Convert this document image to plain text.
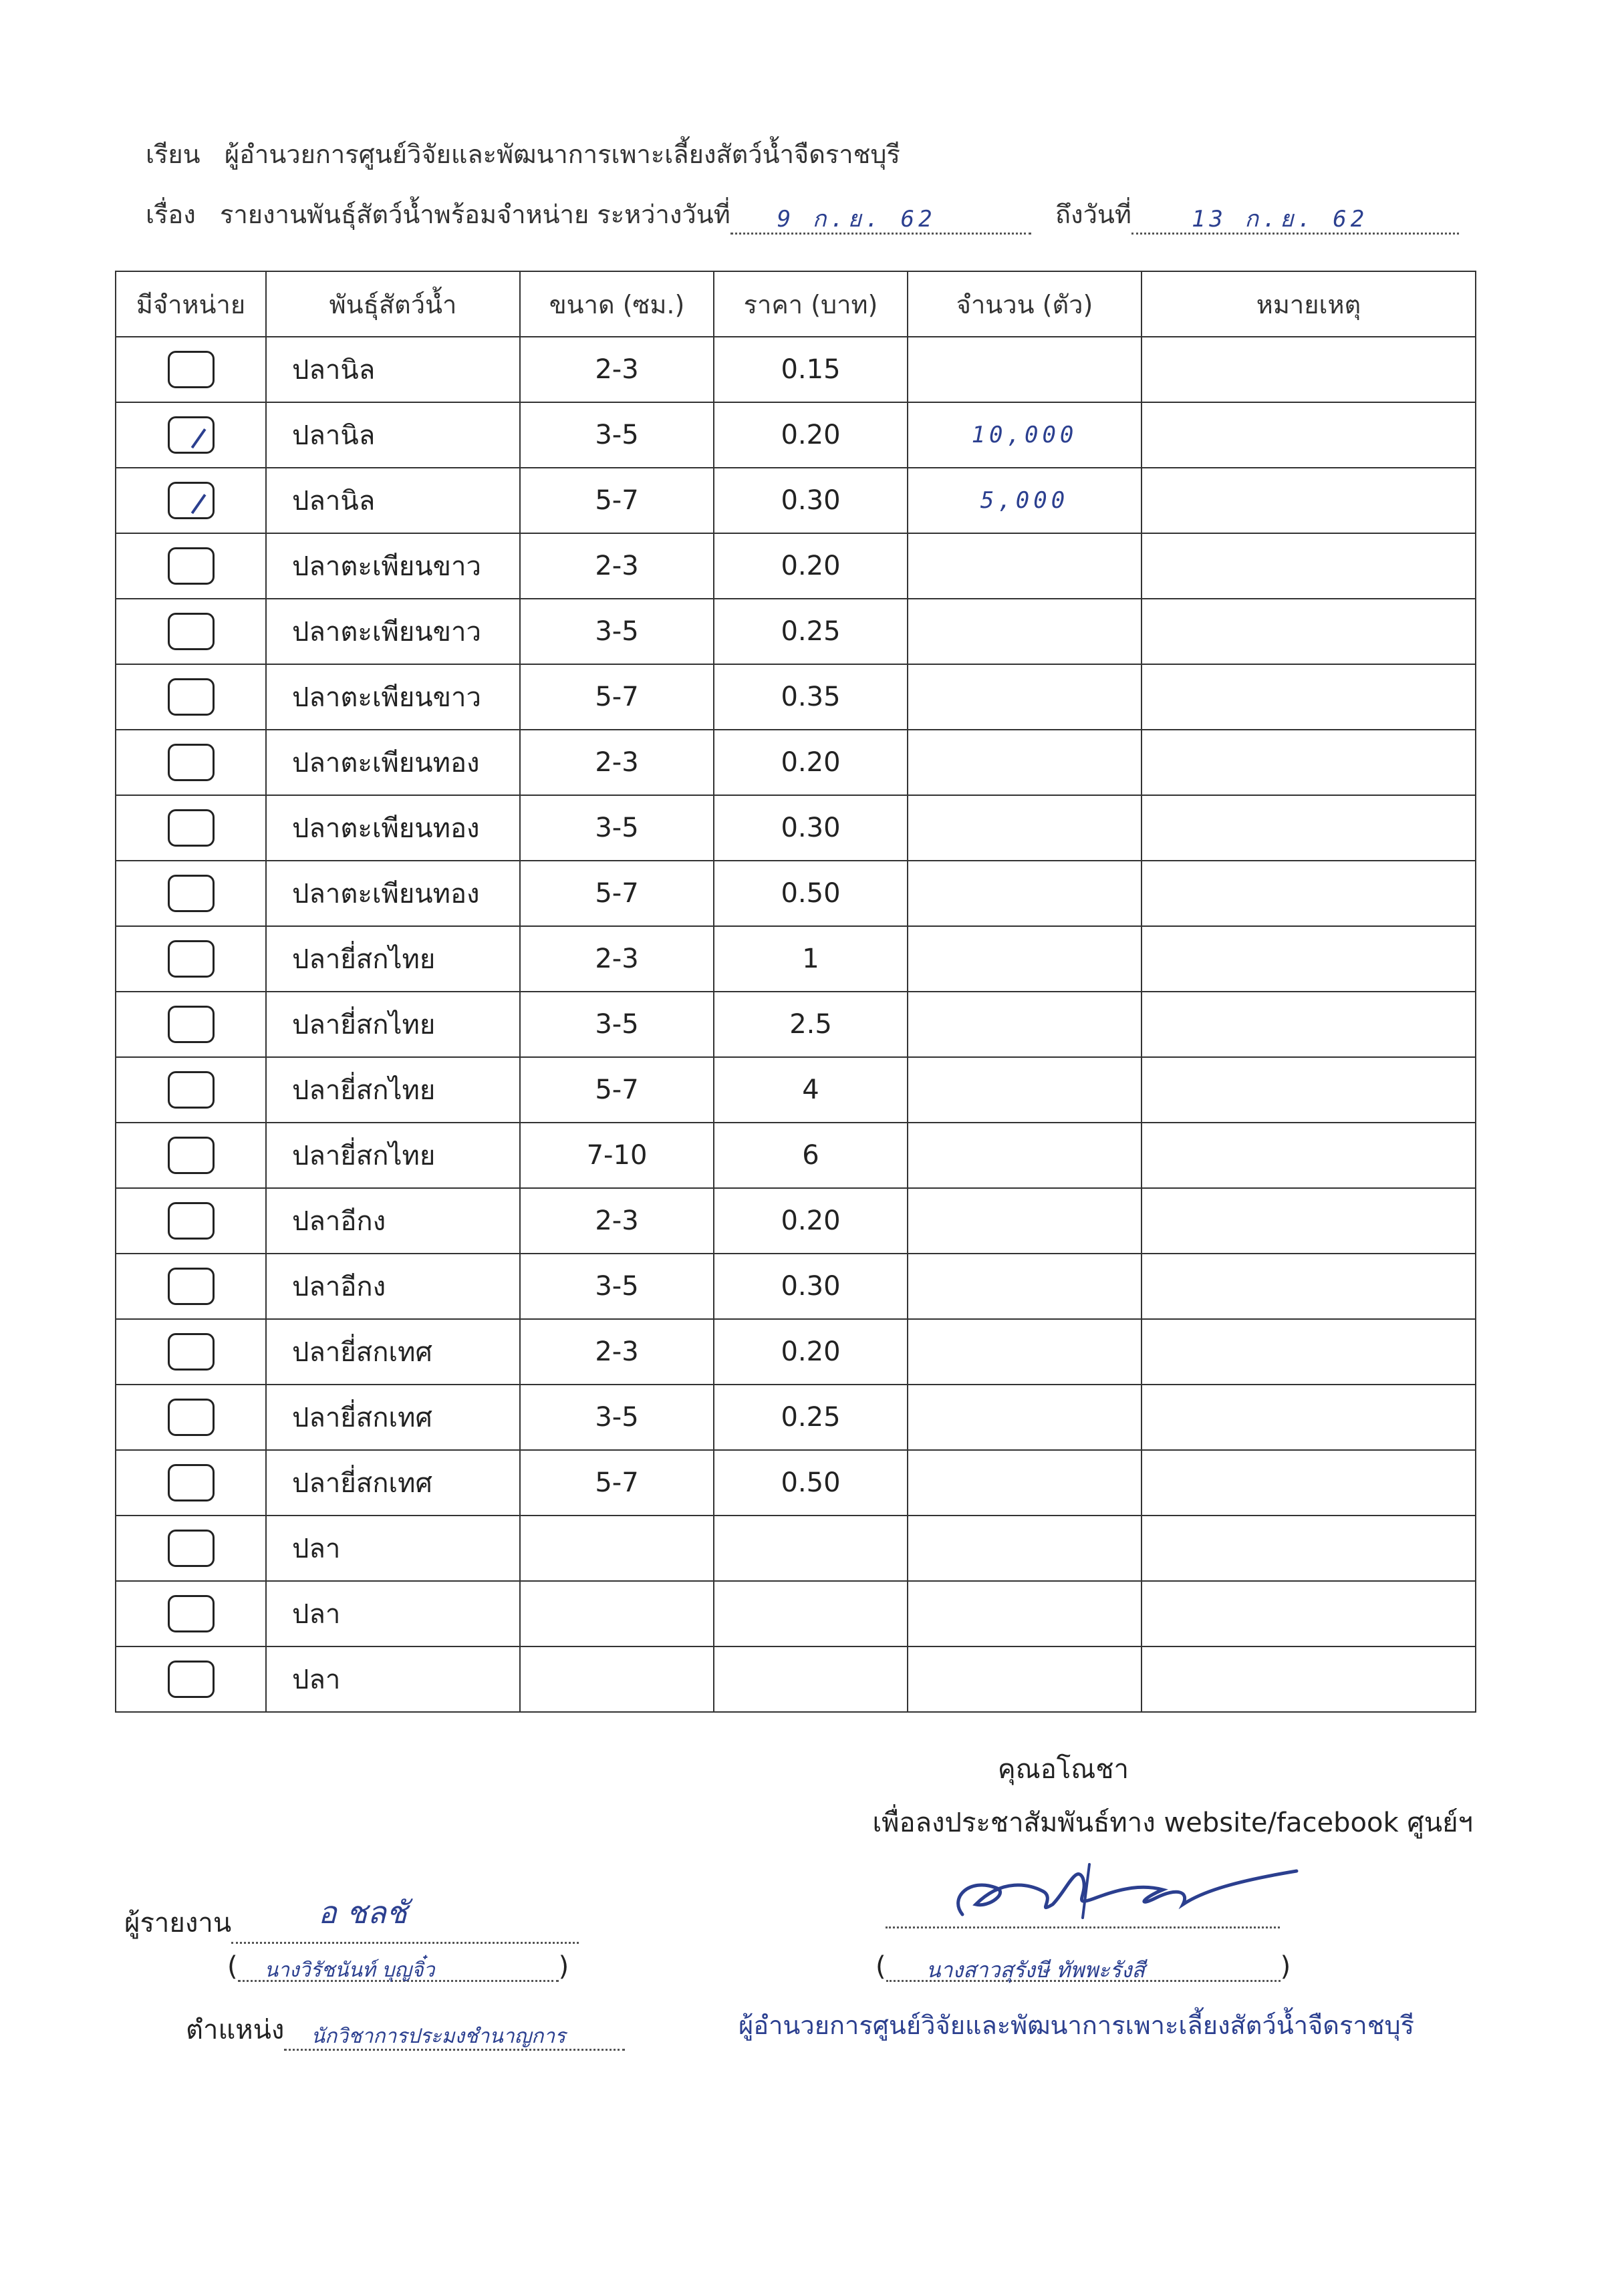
เรียน ผู้อำนวยการศูนย์วิจัยและพัฒนาการเพาะเลี้ยงสัตว์น้ำจืดราชบุรี
เรื่อง รายงานพันธุ์สัตว์น้ำพร้อมจำหน่าย ระหว่างวันที่ 9 ก.ย. 62	ถึงวันที่	13 ก.ย. 62
มีจำหน่าย	พันธุ์สัตว์น้ำ	ขนาด (ซม.)	ราคา (บาท)	จำนวน (ตัว)	หมายเหตุ
	ปลานิล	2-3	0.15		
	ปลานิล	3-5	0.20	10,000	
	ปลานิล	5-7	0.30	5,000	
	ปลาตะเพียนขาว	2-3	0.20		
	ปลาตะเพียนขาว	3-5	0.25		
	ปลาตะเพียนขาว	5-7	0.35		
	ปลาตะเพียนทอง	2-3	0.20		
	ปลาตะเพียนทอง	3-5	0.30		
	ปลาตะเพียนทอง	5-7	0.50		
	ปลายี่สกไทย	2-3	1		
	ปลายี่สกไทย	3-5	2.5		
	ปลายี่สกไทย	5-7	4		
	ปลายี่สกไทย	7-10	6		
	ปลาอีกง	2-3	0.20		
	ปลาอีกง	3-5	0.30		
	ปลายี่สกเทศ	2-3	0.20		
	ปลายี่สกเทศ	3-5	0.25		
	ปลายี่สกเทศ	5-7	0.50		
	ปลา				
	ปลา				
	ปลา				
คุณอโณชา
เพื่อลงประชาสัมพันธ์ทาง website/facebook ศูนย์ฯ
ผู้รายงาน	อ ชลชั
( นางวิรัชนันท์ บุญจิ๋ว	)
ตำแหน่ง นักวิชาการประมงชำนาญการ
( นางสาวสุรังษี ทัพพะรังสี	)
ผู้อำนวยการศูนย์วิจัยและพัฒนาการเพาะเลี้ยงสัตว์น้ำจืดราชบุรี
